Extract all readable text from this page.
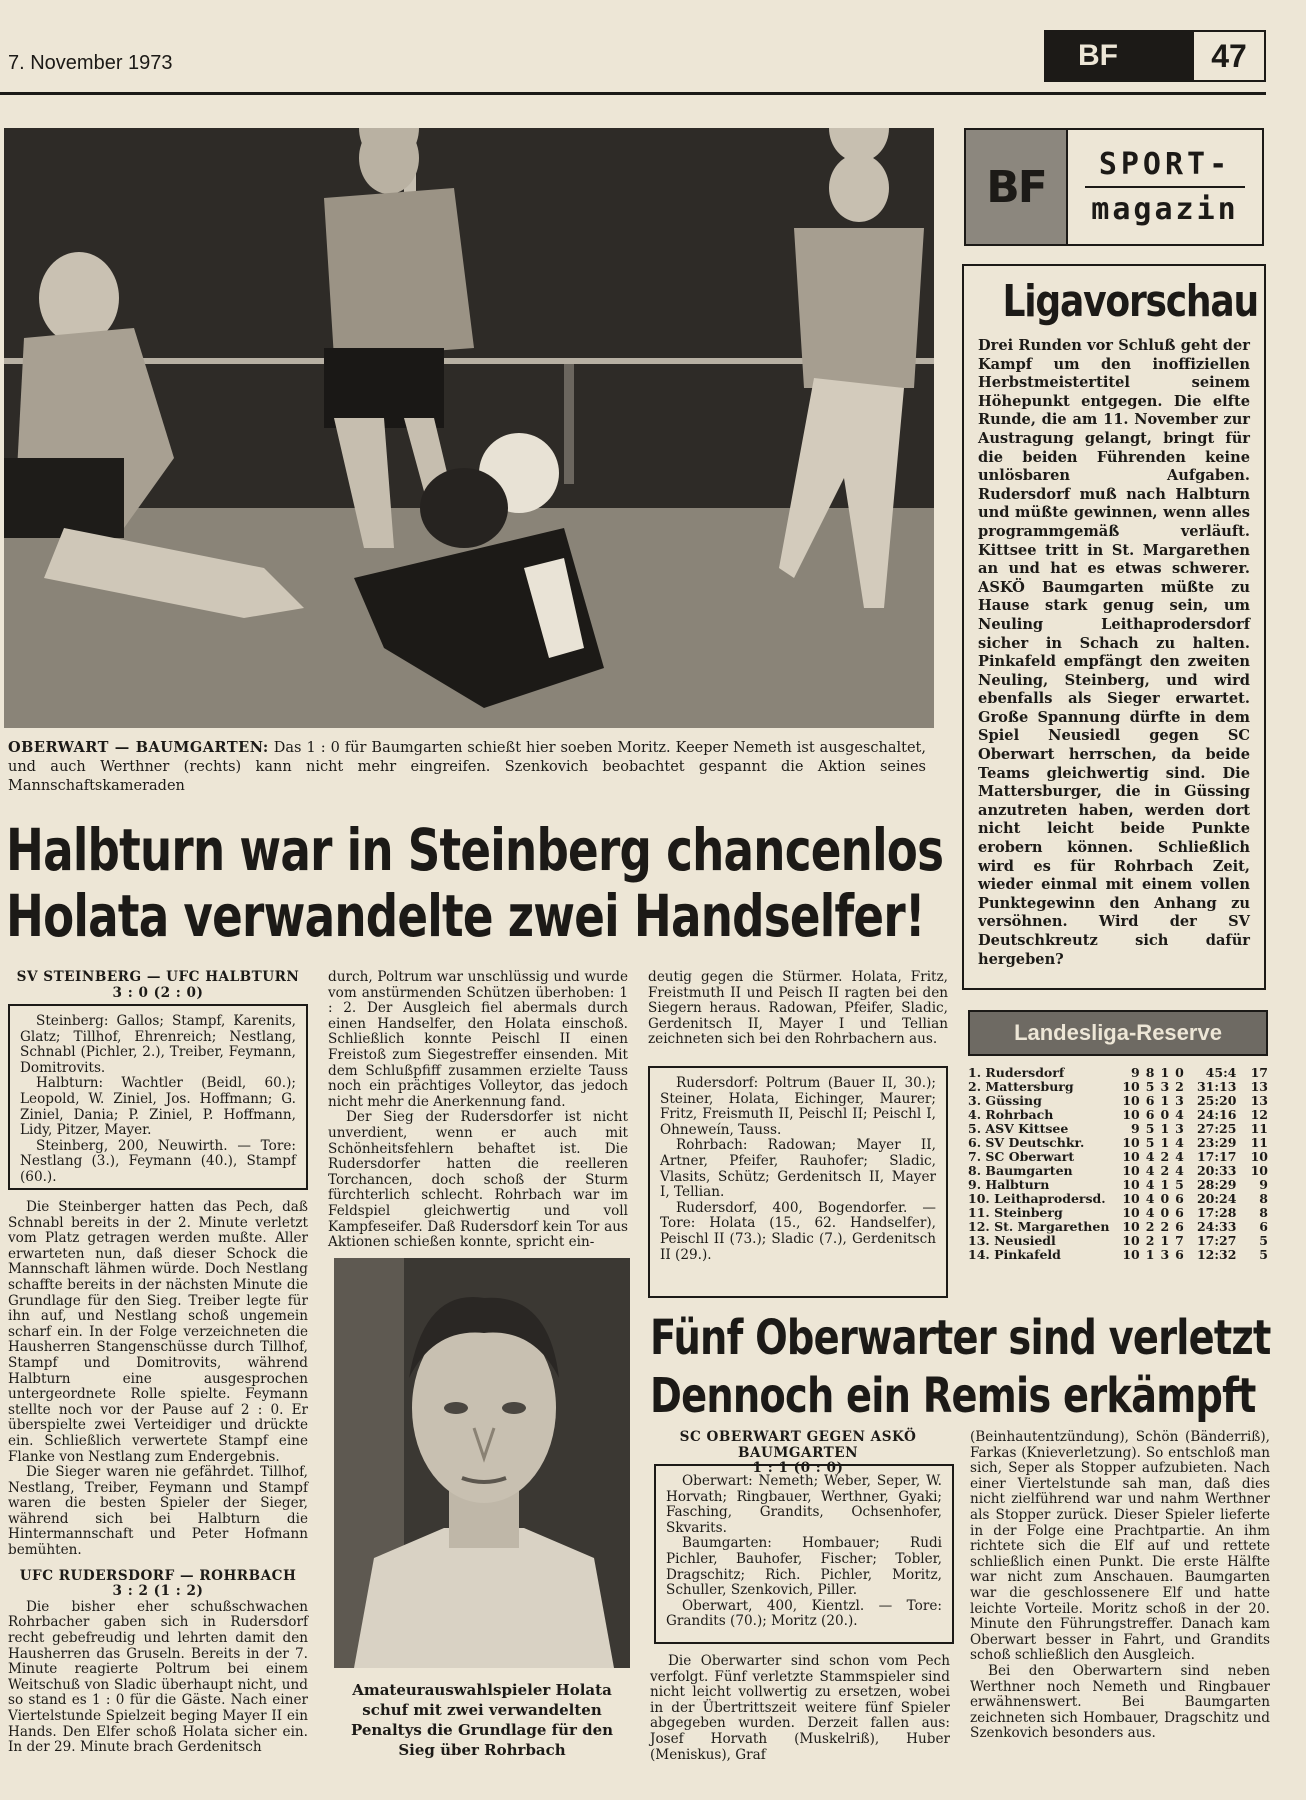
7. November 1973	BF	47
OBERWART — BAUMGARTEN: Das 1 : 0 für Baumgarten schießt hier soeben Moritz. Keeper Nemeth ist ausgeschaltet, und auch Werthner (rechts) kann nicht mehr eingreifen. Szenkovich beobachtet gespannt die Aktion seines Mannschaftskameraden
Halbturn war in Steinberg chancenlos
Holata verwandelte zwei Handselfer!

SV STEINBERG — UFC HALBTURN

3 : 0 (2 : 0)

Steinberg: Gallos; Stampf, Karenits, Glatz; Tillhof, Ehrenreich; Nestlang, Schnabl (Pichler, 2.), Treiber, Feymann, Domitrovits.

Halbturn: Wachtler (Beidl, 60.); Leopold, W. Ziniel, Jos. Hoffmann; G. Ziniel, Dania; P. Ziniel, P. Hoffmann, Lidy, Pitzer, Mayer.

Steinberg, 200, Neuwirth. — Tore: Nestlang (3.), Feymann (40.), Stampf (60.).

Die Steinberger hatten das Pech, daß Schnabl bereits in der 2. Minute verletzt vom Platz getragen werden mußte. Aller erwarteten nun, daß dieser Schock die Mannschaft lähmen würde. Doch Nestlang schaffte bereits in der nächsten Minute die Grundlage für den Sieg. Treiber legte für ihn auf, und Nestlang schoß ungemein scharf ein. In der Folge verzeichneten die Hausherren Stangenschüsse durch Tillhof, Stampf und Domitrovits, während Halbturn eine ausgesprochen untergeordnete Rolle spielte. Feymann stellte noch vor der Pause auf 2 : 0. Er überspielte zwei Verteidiger und drückte ein. Schließlich verwertete Stampf eine Flanke von Nestlang zum Endergebnis.

Die Sieger waren nie gefährdet. Tillhof, Nestlang, Treiber, Feymann und Stampf waren die besten Spieler der Sieger, während sich bei Halbturn die Hintermannschaft und Peter Hofmann bemühten.

UFC RUDERSDORF — ROHRBACH

3 : 2 (1 : 2)

Die bisher eher schußschwachen Rohrbacher gaben sich in Rudersdorf recht gebefreudig und lehrten damit den Hausherren das Gruseln. Bereits in der 7. Minute reagierte Poltrum bei einem Weitschuß von Sladic überhaupt nicht, und so stand es 1 : 0 für die Gäste. Nach einer Viertelstunde Spielzeit beging Mayer II ein Hands. Den Elfer schoß Holata sicher ein. In der 29. Minute brach Gerdenitsch

durch, Poltrum war unschlüssig und wurde vom anstürmenden Schützen überhoben: 1 : 2. Der Ausgleich fiel abermals durch einen Handselfer, den Holata einschoß. Schließlich konnte Peischl II einen Freistoß zum Siegestreffer einsenden. Mit dem Schlußpfiff zusammen erzielte Tauss noch ein prächtiges Volleytor, das jedoch nicht mehr die Anerkennung fand.

Der Sieg der Rudersdorfer ist nicht unverdient, wenn er auch mit Schönheitsfehlern behaftet ist. Die Rudersdorfer hatten die reelleren Torchancen, doch schoß der Sturm fürchterlich schlecht. Rohrbach war im Feldspiel gleichwertig und voll Kampfeseifer. Daß Rudersdorf kein Tor aus Aktionen schießen konnte, spricht ein-

Amateurauswahlspieler Holata schuf mit zwei verwandelten Penaltys die Grundlage für den Sieg über Rohrbach

deutig gegen die Stürmer. Holata, Fritz, Freistmuth II und Peisch II ragten bei den Siegern heraus. Radowan, Pfeifer, Sladic, Gerdenitsch II, Mayer I und Tellian zeichneten sich bei den Rohrbachern aus.

Rudersdorf: Poltrum (Bauer II, 30.); Steiner, Holata, Eichinger, Maurer; Fritz, Freismuth II, Peischl II; Peischl I, Ohneweín, Tauss.

Rohrbach: Radowan; Mayer II, Artner, Pfeifer, Rauhofer; Sladic, Vlasits, Schütz; Gerdenitsch II, Mayer I, Tellian.

Rudersdorf, 400, Bogendorfer. — Tore: Holata (15., 62. Handselfer), Peischl II (73.); Sladic (7.), Gerdenitsch II (29.).

Fünf Oberwarter sind verletzt
Dennoch ein Remis erkämpft

SC OBERWART GEGEN ASKÖ BAUMGARTEN

1 : 1 (0 : 0)

Oberwart: Nemeth; Weber, Seper, W. Horvath; Ringbauer, Werthner, Gyaki; Fasching, Grandits, Ochsenhofer, Skvarits.

Baumgarten: Hombauer; Rudi Pichler, Bauhofer, Fischer; Tobler, Dragschitz; Rich. Pichler, Moritz, Schuller, Szenkovich, Piller.

Oberwart, 400, Kientzl. — Tore: Grandits (70.); Moritz (20.).

Die Oberwarter sind schon vom Pech verfolgt. Fünf verletzte Stammspieler sind nicht leicht vollwertig zu ersetzen, wobei in der Übertrittszeit weitere fünf Spieler abgegeben wurden. Derzeit fallen aus: Josef Horvath (Muskelriß), Huber (Meniskus), Graf

(Beinhautentzündung), Schön (Bänderriß), Farkas (Knieverletzung). So entschloß man sich, Seper als Stopper aufzubieten. Nach einer Viertelstunde sah man, daß dies nicht zielführend war und nahm Werthner als Stopper zurück. Dieser Spieler lieferte in der Folge eine Prachtpartie. An ihm richtete sich die Elf auf und rettete schließlich einen Punkt. Die erste Hälfte war nicht zum Anschauen. Baumgarten war die geschlossenere Elf und hatte leichte Vorteile. Moritz schoß in der 20. Minute den Führungstreffer. Danach kam Oberwart besser in Fahrt, und Grandits schoß schließlich den Ausgleich.

Bei den Oberwartern sind neben Werthner noch Nemeth und Ringbauer erwähnenswert. Bei Baumgarten zeichneten sich Hombauer, Dragschitz und Szenkovich besonders aus.

BF SPORT-
magazin
Ligavorschau
Drei Runden vor Schluß geht der Kampf um den inoffiziellen Herbstmeistertitel seinem Höhepunkt entgegen. Die elfte Runde, die am 11. November zur Austragung gelangt, bringt für die beiden Führenden keine unlösbaren Aufgaben. Rudersdorf muß nach Halbturn und müßte gewinnen, wenn alles programmgemäß verläuft. Kittsee tritt in St. Margarethen an und hat es etwas schwerer. ASKÖ Baumgarten müßte zu Hause stark genug sein, um Neuling Leithaprodersdorf sicher in Schach zu halten. Pinkafeld empfängt den zweiten Neuling, Steinberg, und wird ebenfalls als Sieger erwartet. Große Spannung dürfte in dem Spiel Neusiedl gegen SC Oberwart herrschen, da beide Teams gleichwertig sind. Die Mattersburger, die in Güssing anzutreten haben, werden dort nicht leicht beide Punkte erobern können. Schließlich wird es für Rohrbach Zeit, wieder einmal mit einem vollen Punktegewinn den Anhang zu versöhnen. Wird der SV Deutschkreutz sich dafür hergeben?
Landesliga-Reserve
1. Rudersdorf	9	8	1	0	45:4	17
2. Mattersburg	10	5	3	2	31:13	13
3. Güssing	10	6	1	3	25:20	13
4. Rohrbach	10	6	0	4	24:16	12
5. ASV Kittsee	9	5	1	3	27:25	11
6. SV Deutschkr.	10	5	1	4	23:29	11
7. SC Oberwart	10	4	2	4	17:17	10
8. Baumgarten	10	4	2	4	20:33	10
9. Halbturn	10	4	1	5	28:29	9
10. Leithaprodersd.	10	4	0	6	20:24	8
11. Steinberg	10	4	0	6	17:28	8
12. St. Margarethen	10	2	2	6	24:33	6
13. Neusiedl	10	2	1	7	17:27	5
14. Pinkafeld	10	1	3	6	12:32	5
